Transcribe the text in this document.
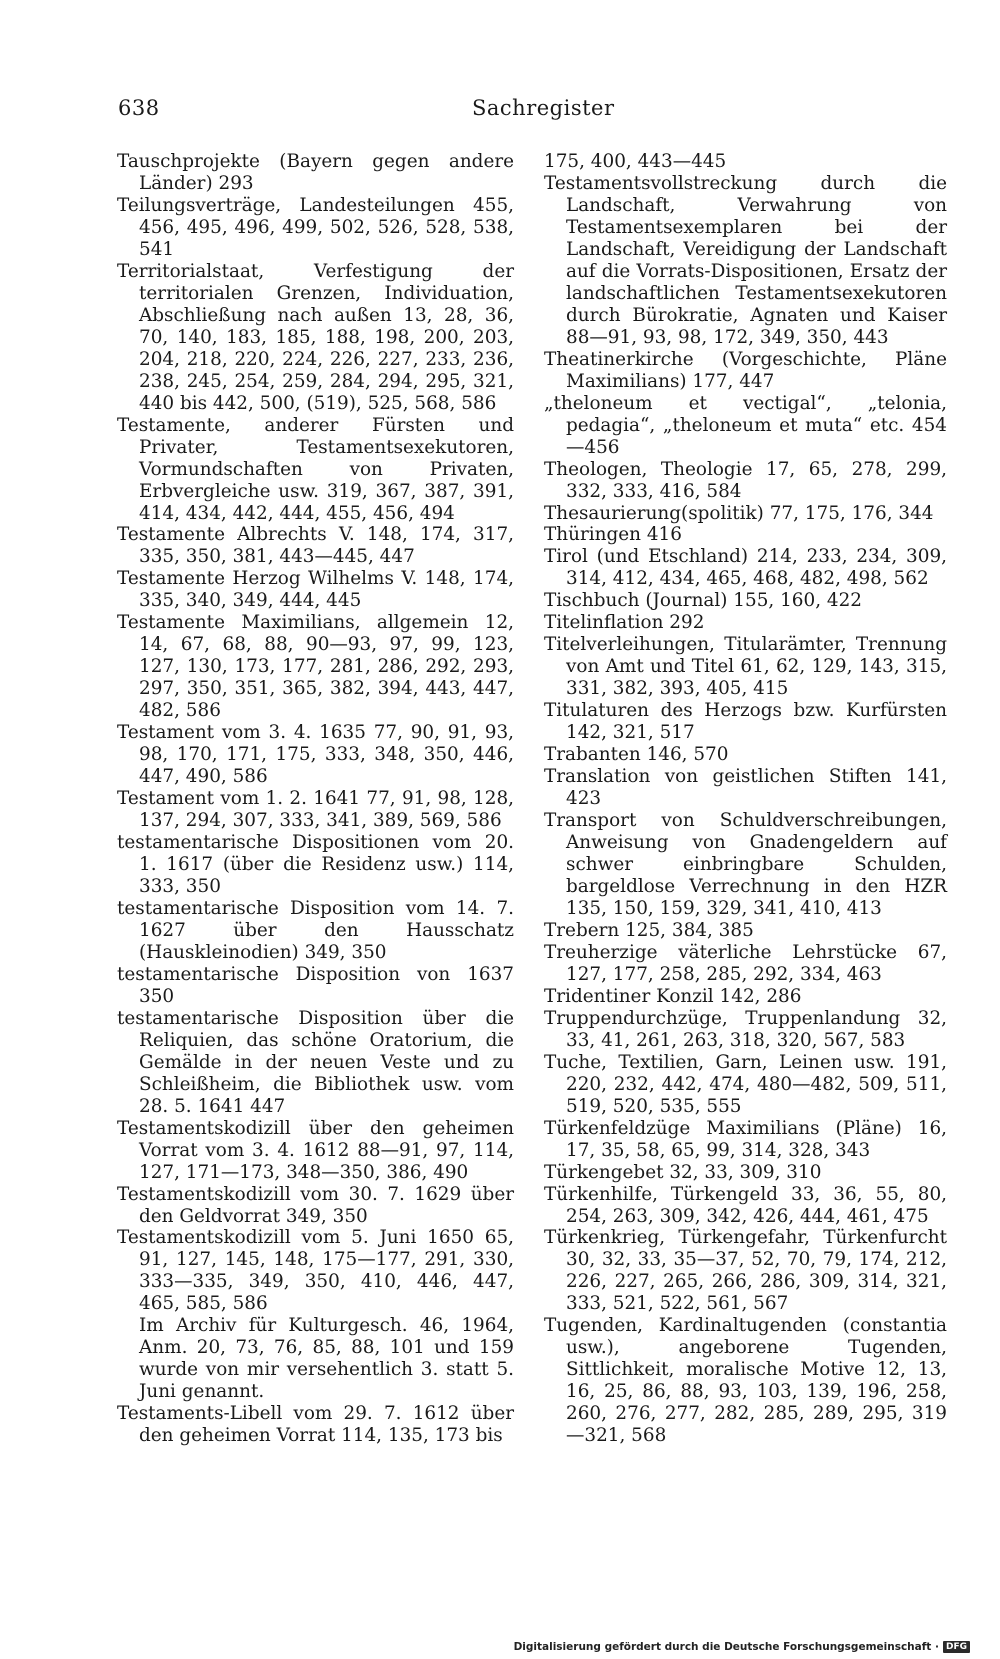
638	Sachregister

Tauschprojekte (Bayern gegen andere Länder) 293

Teilungsverträge, Landesteilungen 455, 456, 495, 496, 499, 502, 526, 528, 538, 541

Territorialstaat, Verfestigung der territorialen Grenzen, Individuation, Abschließung nach außen 13, 28, 36, 70, 140, 183, 185, 188, 198, 200, 203, 204, 218, 220, 224, 226, 227, 233, 236, 238, 245, 254, 259, 284, 294, 295, 321, 440 bis 442, 500, (519), 525, 568, 586

Testamente, anderer Fürsten und Privater, Testamentsexekutoren, Vormundschaften von Privaten, Erbvergleiche usw. 319, 367, 387, 391, 414, 434, 442, 444, 455, 456, 494

Testamente Albrechts V. 148, 174, 317, 335, 350, 381, 443—445, 447

Testamente Herzog Wilhelms V. 148, 174, 335, 340, 349, 444, 445

Testamente Maximilians, allgemein 12, 14, 67, 68, 88, 90—93, 97, 99, 123, 127, 130, 173, 177, 281, 286, 292, 293, 297, 350, 351, 365, 382, 394, 443, 447, 482, 586

Testament vom 3. 4. 1635 77, 90, 91, 93, 98, 170, 171, 175, 333, 348, 350, 446, 447, 490, 586

Testament vom 1. 2. 1641 77, 91, 98, 128, 137, 294, 307, 333, 341, 389, 569, 586

testamentarische Dispositionen vom 20. 1. 1617 (über die Residenz usw.) 114, 333, 350

testamentarische Disposition vom 14. 7. 1627 über den Hausschatz (Hauskleinodien) 349, 350

testamentarische Disposition von 1637 350

testamentarische Disposition über die Reliquien, das schöne Oratorium, die Gemälde in der neuen Veste und zu Schleißheim, die Bibliothek usw. vom 28. 5. 1641 447

Testamentskodizill über den geheimen Vorrat vom 3. 4. 1612 88—91, 97, 114, 127, 171—173, 348—350, 386, 490

Testamentskodizill vom 30. 7. 1629 über den Geldvorrat 349, 350

Testamentskodizill vom 5. Juni 1650 65, 91, 127, 145, 148, 175—177, 291, 330, 333—335, 349, 350, 410, 446, 447, 465, 585, 586

Im Archiv für Kulturgesch. 46, 1964, Anm. 20, 73, 76, 85, 88, 101 und 159 wurde von mir versehentlich 3. statt 5. Juni genannt.

Testaments-Libell vom 29. 7. 1612 über den geheimen Vorrat 114, 135, 173 bis

175, 400, 443—445

Testamentsvollstreckung durch die Landschaft, Verwahrung von Testamentsexemplaren bei der Landschaft, Vereidigung der Landschaft auf die Vorrats-Dispositionen, Ersatz der landschaftlichen Testamentsexekutoren durch Bürokratie, Agnaten und Kaiser 88—91, 93, 98, 172, 349, 350, 443

Theatinerkirche (Vorgeschichte, Pläne Maximilians) 177, 447

„theloneum et vectigal“, „telonia, pedagia“, „theloneum et muta“ etc. 454—456

Theologen, Theologie 17, 65, 278, 299, 332, 333, 416, 584

Thesaurierung(spolitik) 77, 175, 176, 344

Thüringen 416

Tirol (und Etschland) 214, 233, 234, 309, 314, 412, 434, 465, 468, 482, 498, 562

Tischbuch (Journal) 155, 160, 422

Titelinflation 292

Titelverleihungen, Titularämter, Trennung von Amt und Titel 61, 62, 129, 143, 315, 331, 382, 393, 405, 415

Titulaturen des Herzogs bzw. Kurfürsten 142, 321, 517

Trabanten 146, 570

Translation von geistlichen Stiften 141, 423

Transport von Schuldverschreibungen, Anweisung von Gnadengeldern auf schwer einbringbare Schulden, bargeldlose Verrechnung in den HZR 135, 150, 159, 329, 341, 410, 413

Trebern 125, 384, 385

Treuherzige väterliche Lehrstücke 67, 127, 177, 258, 285, 292, 334, 463

Tridentiner Konzil 142, 286

Truppendurchzüge, Truppenlandung 32, 33, 41, 261, 263, 318, 320, 567, 583

Tuche, Textilien, Garn, Leinen usw. 191, 220, 232, 442, 474, 480—482, 509, 511, 519, 520, 535, 555

Türkenfeldzüge Maximilians (Pläne) 16, 17, 35, 58, 65, 99, 314, 328, 343

Türkengebet 32, 33, 309, 310

Türkenhilfe, Türkengeld 33, 36, 55, 80, 254, 263, 309, 342, 426, 444, 461, 475

Türkenkrieg, Türkengefahr, Türkenfurcht 30, 32, 33, 35—37, 52, 70, 79, 174, 212, 226, 227, 265, 266, 286, 309, 314, 321, 333, 521, 522, 561, 567

Tugenden, Kardinaltugenden (constantia usw.), angeborene Tugenden, Sittlichkeit, moralische Motive 12, 13, 16, 25, 86, 88, 93, 103, 139, 196, 258, 260, 276, 277, 282, 285, 289, 295, 319—321, 568

Digitalisierung gefördert durch die Deutsche Forschungsgemeinschaft · DFG
